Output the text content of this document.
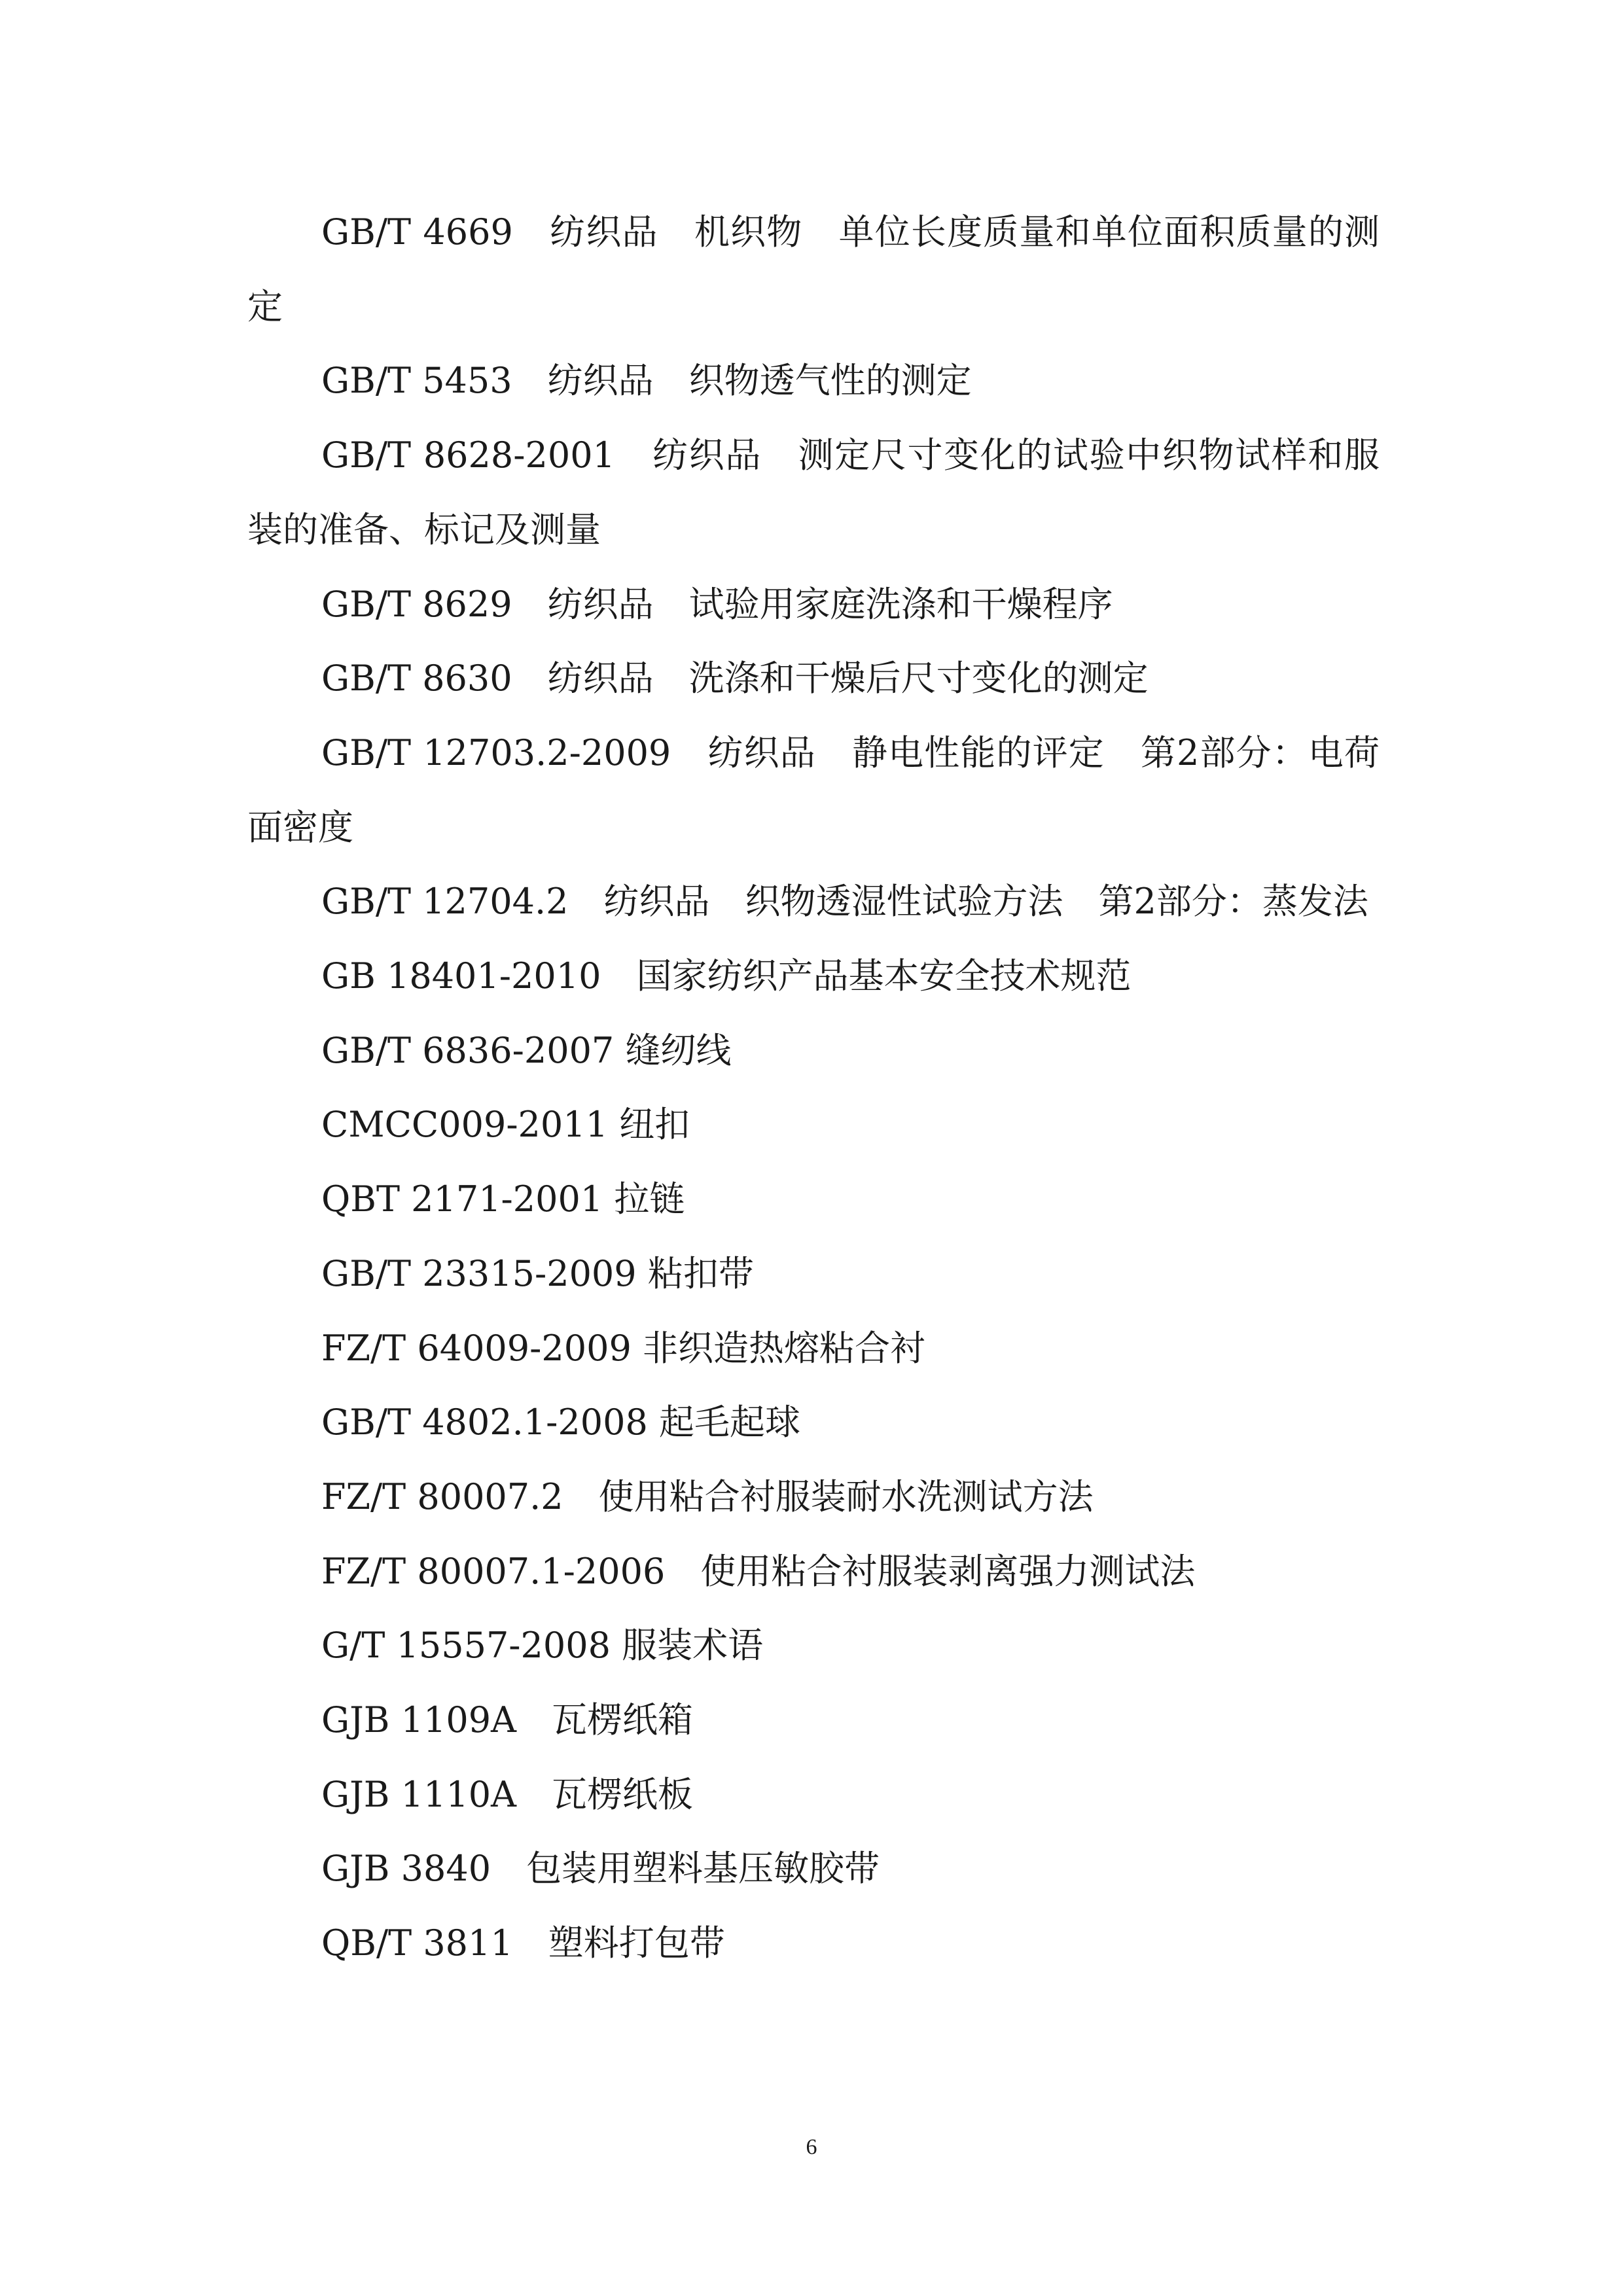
GB/T 4669　纺织品　机织物　单位长度质量和单位面积质量的测定

GB/T 5453　纺织品　织物透气性的测定

GB/T 8628-2001　纺织品　测定尺寸变化的试验中织物试样和服装的准备、标记及测量

GB/T 8629　纺织品　试验用家庭洗涤和干燥程序

GB/T 8630　纺织品　洗涤和干燥后尺寸变化的测定

GB/T 12703.2-2009　纺织品　静电性能的评定　第2部分：电荷面密度

GB/T 12704.2　纺织品　织物透湿性试验方法　第2部分：蒸发法

GB 18401-2010　国家纺织产品基本安全技术规范

GB/T 6836-2007 缝纫线

CMCC009-2011 纽扣

QBT 2171-2001 拉链

GB/T 23315-2009 粘扣带

FZ/T 64009-2009 非织造热熔粘合衬

GB/T 4802.1-2008 起毛起球

FZ/T 80007.2　使用粘合衬服装耐水洗测试方法

FZ/T 80007.1-2006　使用粘合衬服装剥离强力测试法

G/T 15557-2008 服装术语

GJB 1109A　瓦楞纸箱

GJB 1110A　瓦楞纸板

GJB 3840　包装用塑料基压敏胶带

QB/T 3811　塑料打包带

6
